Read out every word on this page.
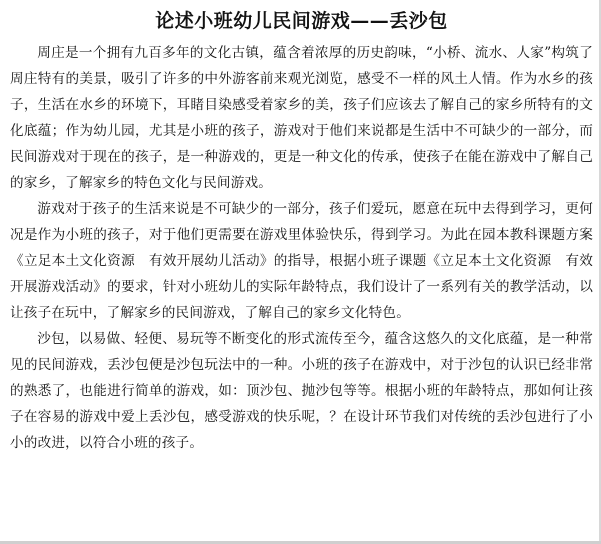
论述小班幼儿民间游戏——丢沙包

周庄是一个拥有九百多年的文化古镇，蕴含着浓厚的历史韵味，“小桥、流水、人家”构筑了周庄特有的美景，吸引了许多的中外游客前来观光浏览，感受不一样的风土人情。作为水乡的孩子，生活在水乡的环境下，耳睹目染感受着家乡的美，孩子们应该去了解自己的家乡所特有的文化底蕴；作为幼儿园，尤其是小班的孩子，游戏对于他们来说都是生活中不可缺少的一部分，而民间游戏对于现在的孩子，是一种游戏的，更是一种文化的传承，使孩子在能在游戏中了解自己的家乡，了解家乡的特色文化与民间游戏。

游戏对于孩子的生活来说是不可缺少的一部分，孩子们爱玩，愿意在玩中去得到学习，更何况是作为小班的孩子，对于他们更需要在游戏里体验快乐，得到学习。为此在园本教科课题方案《立足本土文化资源　有效开展幼儿活动》的指导，根据小班子课题《立足本土文化资源　有效开展游戏活动》的要求，针对小班幼儿的实际年龄特点，我们设计了一系列有关的教学活动，以让孩子在玩中，了解家乡的民间游戏，了解自己的家乡文化特色。

沙包，以易做、轻便、易玩等不断变化的形式流传至今，蕴含这悠久的文化底蕴，是一种常见的民间游戏，丢沙包便是沙包玩法中的一种。小班的孩子在游戏中，对于沙包的认识已经非常的熟悉了，也能进行简单的游戏，如：顶沙包、抛沙包等等。根据小班的年龄特点，那如何让孩子在容易的游戏中爱上丢沙包，感受游戏的快乐呢，？在设计环节我们对传统的丢沙包进行了小小的改进，以符合小班的孩子。
